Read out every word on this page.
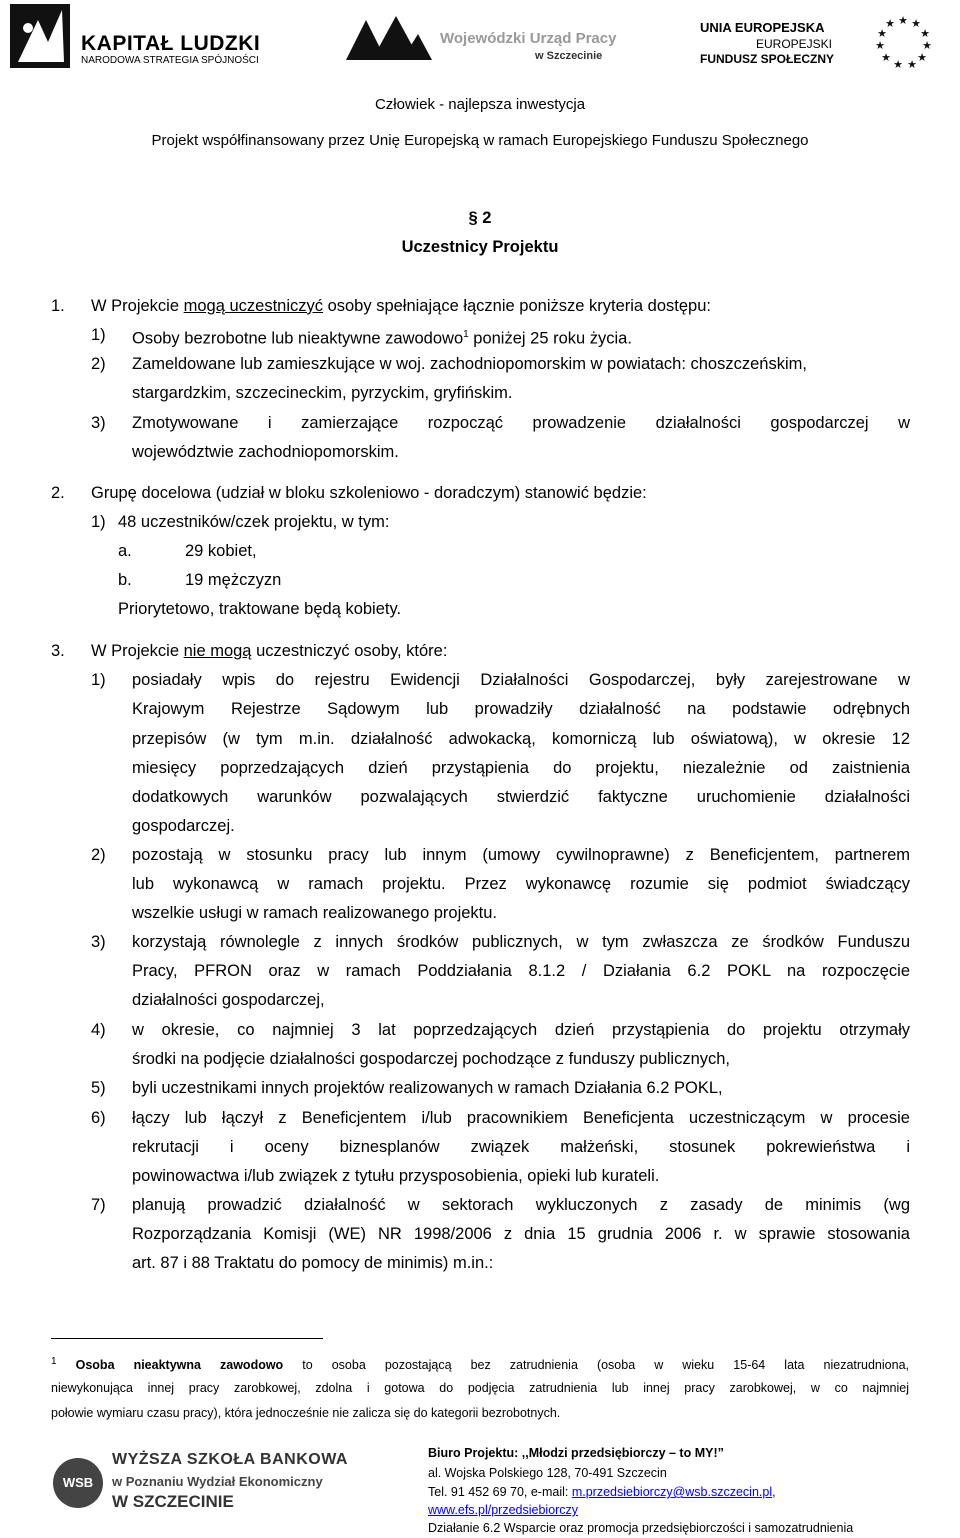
KAPITAŁ LUDZKI
NARODOWA STRATEGIA SPÓJNOŚCI
Wojewódzki Urząd Pracy
w Szczecinie
UNIA EUROPEJSKA
EUROPEJSKI
FUNDUSZ SPOŁECZNY
★ ★
★
★
★
★
★
★
★
★
★
Człowiek - najlepsza inwestycja
Projekt współfinansowany przez Unię Europejską w ramach Europejskiego Funduszu Społecznego
§ 2
Uczestnicy Projektu
1. W Projekcie mogą uczestniczyć osoby spełniające łącznie poniższe kryteria dostępu:
1) Osoby bezrobotne lub nieaktywne zawodowo$^1$ poniżej 25 roku życia.
2) Zameldowane lub zamieszkujące w woj. zachodniopomorskim w powiatach: choszczeńskim,
stargardzkim, szczecineckim, pyrzyckim, gryfińskim.
3) Zmotywowane i zamierzające rozpocząć prowadzenie działalności gospodarczej w
województwie zachodniopomorskim.
2. Grupę docelowa (udział w bloku szkoleniowo - doradczym) stanowić będzie:
1) 48 uczestników/czek projektu, w tym:
a.	29 kobiet,
b.	19 mężczyzn
Priorytetowo, traktowane będą kobiety.
3. W Projekcie nie mogą uczestniczyć osoby, które:
1) posiadały wpis do rejestru Ewidencji Działalności Gospodarczej, były zarejestrowane w
Krajowym Rejestrze Sądowym lub prowadziły działalność na podstawie odrębnych
przepisów (w tym m.in. działalność adwokacką, komorniczą lub oświatową), w okresie 12
miesięcy poprzedzających dzień przystąpienia do projektu, niezależnie od zaistnienia
dodatkowych warunków pozwalających stwierdzić faktyczne uruchomienie działalności
gospodarczej.
2) pozostają w stosunku pracy lub innym (umowy cywilnoprawne) z Beneficjentem, partnerem
lub wykonawcą w ramach projektu. Przez wykonawcę rozumie się podmiot świadczący
wszelkie usługi w ramach realizowanego projektu.
3) korzystają równolegle z innych środków publicznych, w tym zwłaszcza ze środków Funduszu
Pracy, PFRON oraz w ramach Poddziałania 8.1.2 / Działania 6.2 POKL na rozpoczęcie
działalności gospodarczej,
4) w okresie, co najmniej 3 lat poprzedzających dzień przystąpienia do projektu otrzymały
środki na podjęcie działalności gospodarczej pochodzące z funduszy publicznych,
5) byli uczestnikami innych projektów realizowanych w ramach Działania 6.2 POKL,
6) łączy lub łączył z Beneficjentem i/lub pracownikiem Beneficjenta uczestniczącym w procesie
rekrutacji i oceny biznesplanów związek małżeński, stosunek pokrewieństwa i
powinowactwa i/lub związek z tytułu przysposobienia, opieki lub kurateli.
7) planują prowadzić działalność w sektorach wykluczonych z zasady de minimis (wg
Rozporządzania Komisji (WE) NR 1998/2006 z dnia 15 grudnia 2006 r. w sprawie stosowania
art. 87 i 88 Traktatu do pomocy de minimis) m.in.:
$^1$ Osoba nieaktywna zawodowo to osoba pozostającą bez zatrudnienia (osoba w wieku 15-64 lata niezatrudniona,
niewykonująca innej pracy zarobkowej, zdolna i gotowa do podjęcia zatrudnienia lub innej pracy zarobkowej, w co najmniej
połowie wymiaru czasu pracy), która jednocześnie nie zalicza się do kategorii bezrobotnych.
WSB
WYŻSZA SZKOŁA BANKOWA
w Poznaniu Wydział Ekonomiczny
W SZCZECINIE
Biuro Projektu: ,,Młodzi przedsiębiorczy – to MY!”
al. Wojska Polskiego 128, 70-491 Szczecin
Tel. 91 452 69 70, e-mail: m.przedsiebiorczy@wsb.szczecin.pl,
www.efs.pl/przedsiebiorczy
Działanie 6.2 Wsparcie oraz promocja przedsiębiorczości i samozatrudnienia
